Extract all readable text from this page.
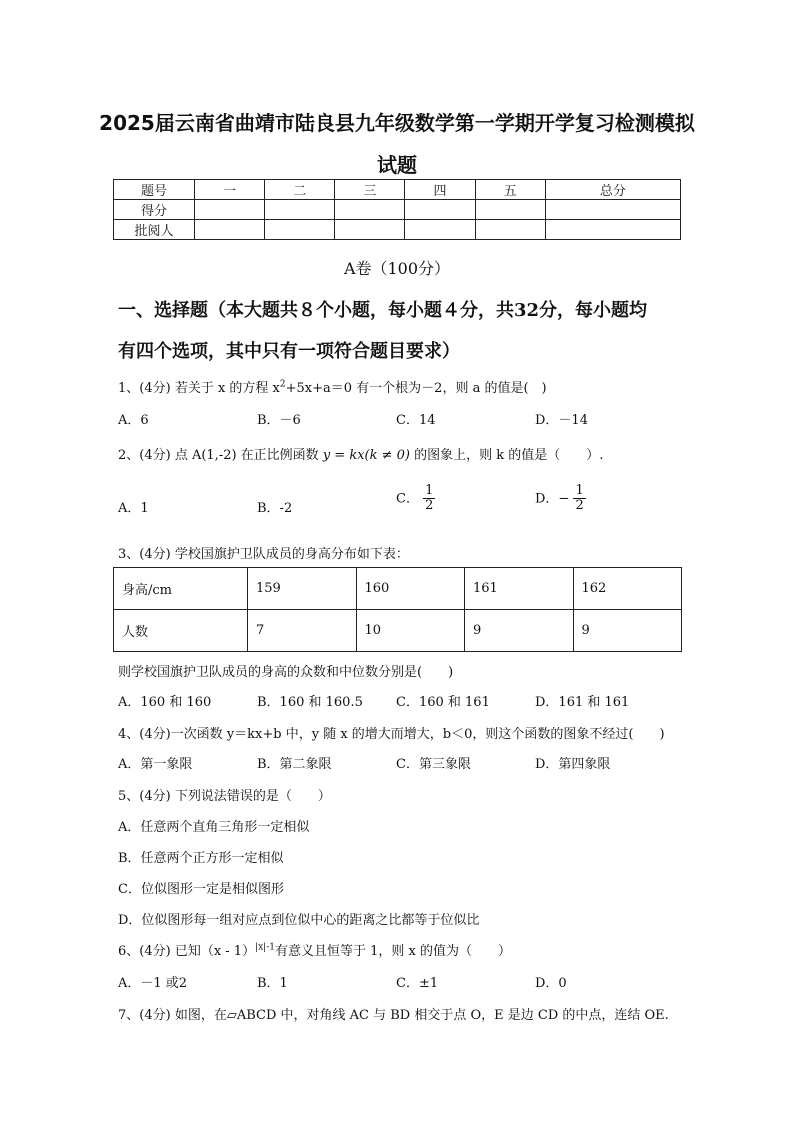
2025届云南省曲靖市陆良县九年级数学第一学期开学复习检测模拟
试题
题号	一	二	三	四	五	总分
得分						
批阅人						
A卷（100分）
一、选择题（本大题共８个小题，每小题４分，共32分，每小题均
有四个选项，其中只有一项符合题目要求）
1、(4分) 若关于 x 的方程 $x^2+5x+a=0$ 有一个根为－2，则 a 的值是(　)
A．6	B．－6	C．14	D．－14
2、(4分) 点 A(1,-2) 在正比例函数 y = kx(k ≠ 0) 的图象上，则 k 的值是（　　）.
A．1	B．-2
C． $\frac{1}{2}$	D．− $\frac{1}{2}$
3、(4分) 学校国旗护卫队成员的身高分布如下表：
身高/cm	159	160	161	162
人数	7	10	9	9
则学校国旗护卫队成员的身高的众数和中位数分别是(　　)
A．160 和 160	B．160 和 160.5	C．160 和 161	D．161 和 161
4、(4分)一次函数 y＝kx+b 中，y 随 x 的增大而增大，b＜0，则这个函数的图象不经过(　　)
A．第一象限	B．第二象限	C．第三象限	D．第四象限
5、(4分) 下列说法错误的是（　　）
A．任意两个直角三角形一定相似
B．任意两个正方形一定相似
C．位似图形一定是相似图形
D．位似图形每一组对应点到位似中心的距离之比都等于位似比
6、(4分) 已知（x - 1）$^{|x|-1}$有意义且恒等于 1，则 x 的值为（　　）
A．－1 或2	B．1	C．±1	D．0
7、(4分) 如图，在▱ABCD 中，对角线 AC 与 BD 相交于点 O，E 是边 CD 的中点，连结 OE.
